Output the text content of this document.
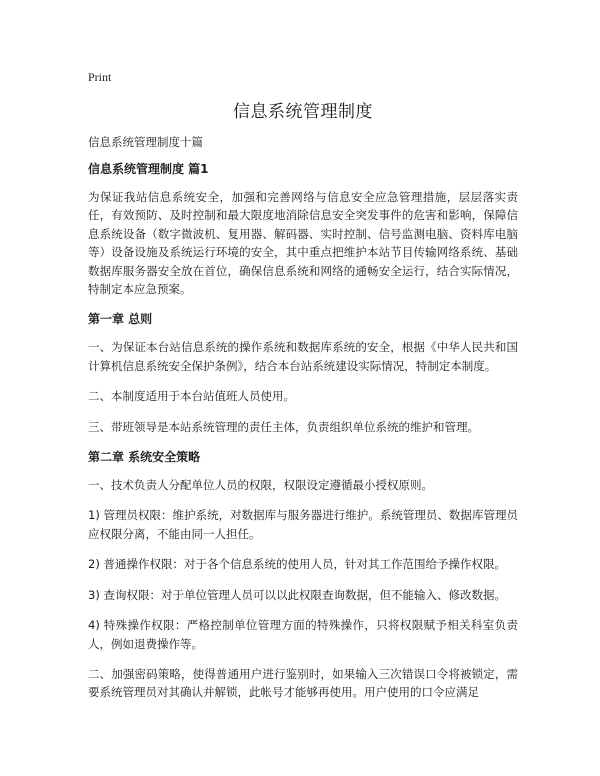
Print
信息系统管理制度

信息系统管理制度十篇

信息系统管理制度 篇1

为保证我站信息系统安全，加强和完善网络与信息安全应急管理措施，层层落实责任，有效预防、及时控制和最大限度地消除信息安全突发事件的危害和影响，保障信息系统设备（数字微波机、复用器、解码器、实时控制、信号监测电脑、资料库电脑等）设备设施及系统运行环境的安全，其中重点把维护本站节目传输网络系统、基础数据库服务器安全放在首位，确保信息系统和网络的通畅安全运行，结合实际情况，特制定本应急预案。

第一章 总则

一、为保证本台站信息系统的操作系统和数据库系统的安全，根据《中华人民共和国计算机信息系统安全保护条例》，结合本台站系统建设实际情况，特制定本制度。

二、本制度适用于本台站值班人员使用。

三、带班领导是本站系统管理的责任主体，负责组织单位系统的维护和管理。

第二章 系统安全策略

一、技术负责人分配单位人员的权限，权限设定遵循最小授权原则。

1) 管理员权限：维护系统，对数据库与服务器进行维护。系统管理员、数据库管理员应权限分离，不能由同一人担任。

2) 普通操作权限：对于各个信息系统的使用人员，针对其工作范围给予操作权限。

3) 查询权限：对于单位管理人员可以以此权限查询数据，但不能输入、修改数据。

4) 特殊操作权限：严格控制单位管理方面的特殊操作，只将权限赋予相关科室负责人，例如退费操作等。

二、加强密码策略，使得普通用户进行鉴别时，如果输入三次错误口令将被锁定，需要系统管理员对其确认并解锁，此帐号才能够再使用。用户使用的口令应满足
